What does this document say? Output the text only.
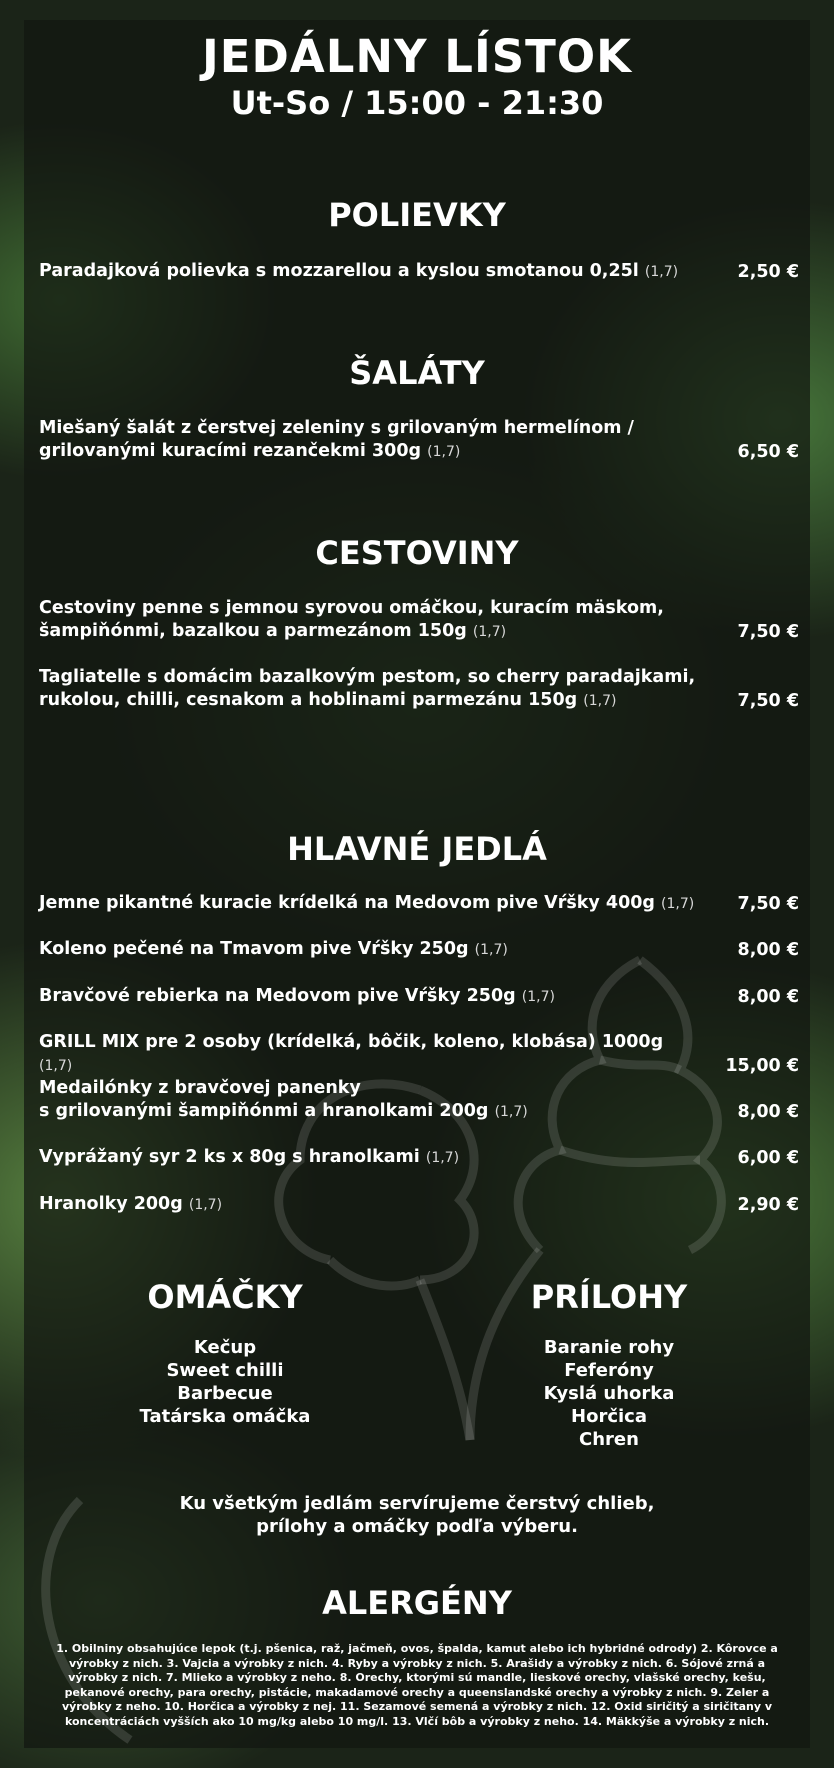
JEDÁLNY LÍSTOK
Ut-So / 15:00 - 21:30
POLIEVKY
Paradajková polievka s mozzarellou a kyslou smotanou 0,25l (1,7)	2,50 €
ŠALÁTY
Miešaný šalát z čerstvej zeleniny s grilovaným hermelínom /
grilovanými kuracími rezančekmi 300g (1,7)	6,50 €
CESTOVINY
Cestoviny penne s jemnou syrovou omáčkou, kuracím mäskom,
šampiňónmi, bazalkou a parmezánom 150g (1,7)	7,50 €
Tagliatelle s domácim bazalkovým pestom, so cherry paradajkami,
rukolou, chilli, cesnakom a hoblinami parmezánu 150g (1,7)	7,50 €
HLAVNÉ JEDLÁ
Jemne pikantné kuracie krídelká na Medovom pive Vŕšky 400g (1,7) 7,50 €
Koleno pečené na Tmavom pive Vŕšky 250g (1,7)	8,00 €
Bravčové rebierka na Medovom pive Vŕšky 250g (1,7)	8,00 €
GRILL MIX pre 2 osoby (krídelká, bôčik, koleno, klobása) 1000g (1,7)	15,00 €
Medailónky z bravčovej panenky
s grilovanými šampiňónmi a hranolkami 200g (1,7)	8,00 €
Vyprážaný syr 2 ks x 80g s hranolkami (1,7)	6,00 €
Hranolky 200g (1,7)	2,90 €
OMÁČKY
Kečup
Sweet chilli
Barbecue
Tatárska omáčka
PRÍLOHY
Baranie rohy
Feferóny
Kyslá uhorka
Horčica
Chren
Ku všetkým jedlám servírujeme čerstvý chlieb,
prílohy a omáčky podľa výberu.
ALERGÉNY
1. Obilniny obsahujúce lepok (t.j. pšenica, raž, jačmeň, ovos, špalda, kamut alebo ich hybridné odrody) 2. Kôrovce a výrobky z nich. 3. Vajcia a výrobky z nich. 4. Ryby a výrobky z nich. 5. Arašidy a výrobky z nich. 6. Sójové zrná a výrobky z nich. 7. Mlieko a výrobky z neho. 8. Orechy, ktorými sú mandle, lieskové orechy, vlašské orechy, kešu, pekanové orechy, para orechy, pistácie, makadamové orechy a queenslandské orechy a výrobky z nich. 9. Zeler a výrobky z neho. 10. Horčica a výrobky z nej. 11. Sezamové semená a výrobky z nich. 12. Oxid siričitý a siričitany v koncentráciách vyšších ako 10 mg/kg alebo 10 mg/l. 13. Vlčí bôb a výrobky z neho. 14. Mäkkýše a výrobky z nich.
